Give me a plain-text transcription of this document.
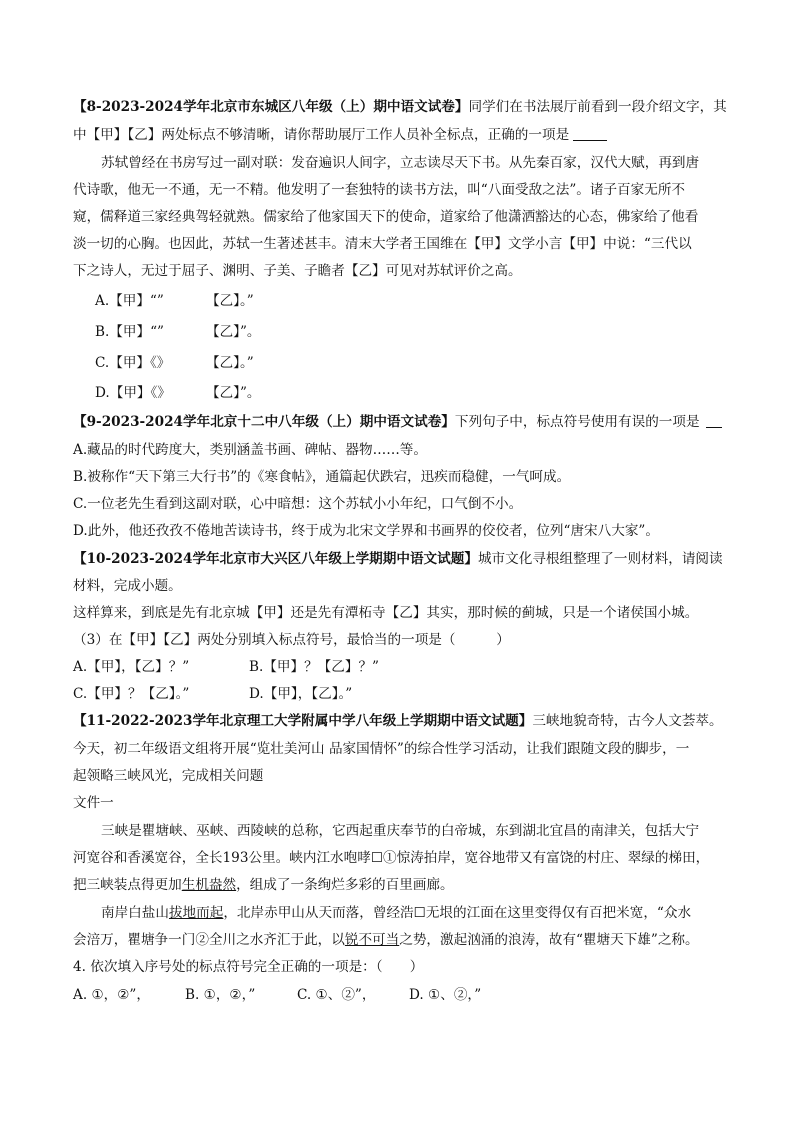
【8-2023-2024学年北京市东城区八年级（上）期中语文试卷】同学们在书法展厅前看到一段介绍文字，其
中【甲】【乙】两处标点不够清晰，请你帮助展厅工作人员补全标点，正确的一项是
苏轼曾经在书房写过一副对联：发奋遍识人间字，立志读尽天下书。从先秦百家，汉代大赋，再到唐
代诗歌，他无一不通，无一不精。他发明了一套独特的读书方法，叫“八面受敌之法”。诸子百家无所不
窥，儒释道三家经典驾轻就熟。儒家给了他家国天下的使命，道家给了他潇洒豁达的心态，佛家给了他看
淡一切的心胸。也因此，苏轼一生著述甚丰。清末大学者王国维在【甲】文学小言【甲】中说：“三代以
下之诗人，无过于屈子、渊明、子美、子瞻者【乙】可见对苏轼评价之高。
A.【甲】“”	【乙】。”
B.【甲】“”	【乙】”。
C.【甲】《》	【乙】。”
D.【甲】《》	【乙】”。
【9-2023-2024学年北京十二中八年级（上）期中语文试卷】下列句子中，标点符号使用有误的一项是
A.藏品的时代跨度大，类别涵盖书画、碑帖、器物……等。
B.被称作“天下第三大行书”的《寒食帖》，通篇起伏跌宕，迅疾而稳健，一气呵成。
C.一位老先生看到这副对联，心中暗想：这个苏轼小小年纪，口气倒不小。
D.此外，他还孜孜不倦地苦读诗书，终于成为北宋文学界和书画界的佼佼者，位列“唐宋八大家”。
【10-2023-2024学年北京市大兴区八年级上学期期中语文试题】城市文化寻根组整理了一则材料，请阅读
材料，完成小题。
这样算来，到底是先有北京城【甲】还是先有潭柘寺【乙】其实，那时候的蓟城，只是一个诸侯国小城。
（3）在【甲】【乙】两处分别填入标点符号，最恰当的一项是（　　　）
A.【甲】，【乙】？”	B.【甲】？【乙】？”
C.【甲】？【乙】。”	D.【甲】，【乙】。”
【11-2022-2023学年北京理工大学附属中学八年级上学期期中语文试题】三峡地貌奇特，古今人文荟萃。
今天，初二年级语文组将开展“览壮美河山 品家国情怀”的综合性学习活动，让我们跟随文段的脚步，一
起领略三峡风光，完成相关问题
文件一
三峡是瞿塘峡、巫峡、西陵峡的总称，它西起重庆奉节的白帝城，东到湖北宜昌的南津关，包括大宁
河宽谷和香溪宽谷，全长193公里。峡内江水咆哮☐①惊涛拍岸，宽谷地带又有富饶的村庄、翠绿的梯田，
把三峡装点得更加生机盎然，组成了一条绚烂多彩的百里画廊。
南岸白盐山拔地而起，北岸赤甲山从天而落，曾经浩☐无垠的江面在这里变得仅有百把米宽，“众水
会涪万，瞿塘争一门②全川之水齐汇于此，以锐不可当之势，激起汹涌的浪涛，故有“瞿塘天下雄”之称。
4. 依次填入序号处的标点符号完全正确的一项是：（　　）
A. ①，②”，	B. ①，②，”	C. ①、②”， D. ①、②，”
